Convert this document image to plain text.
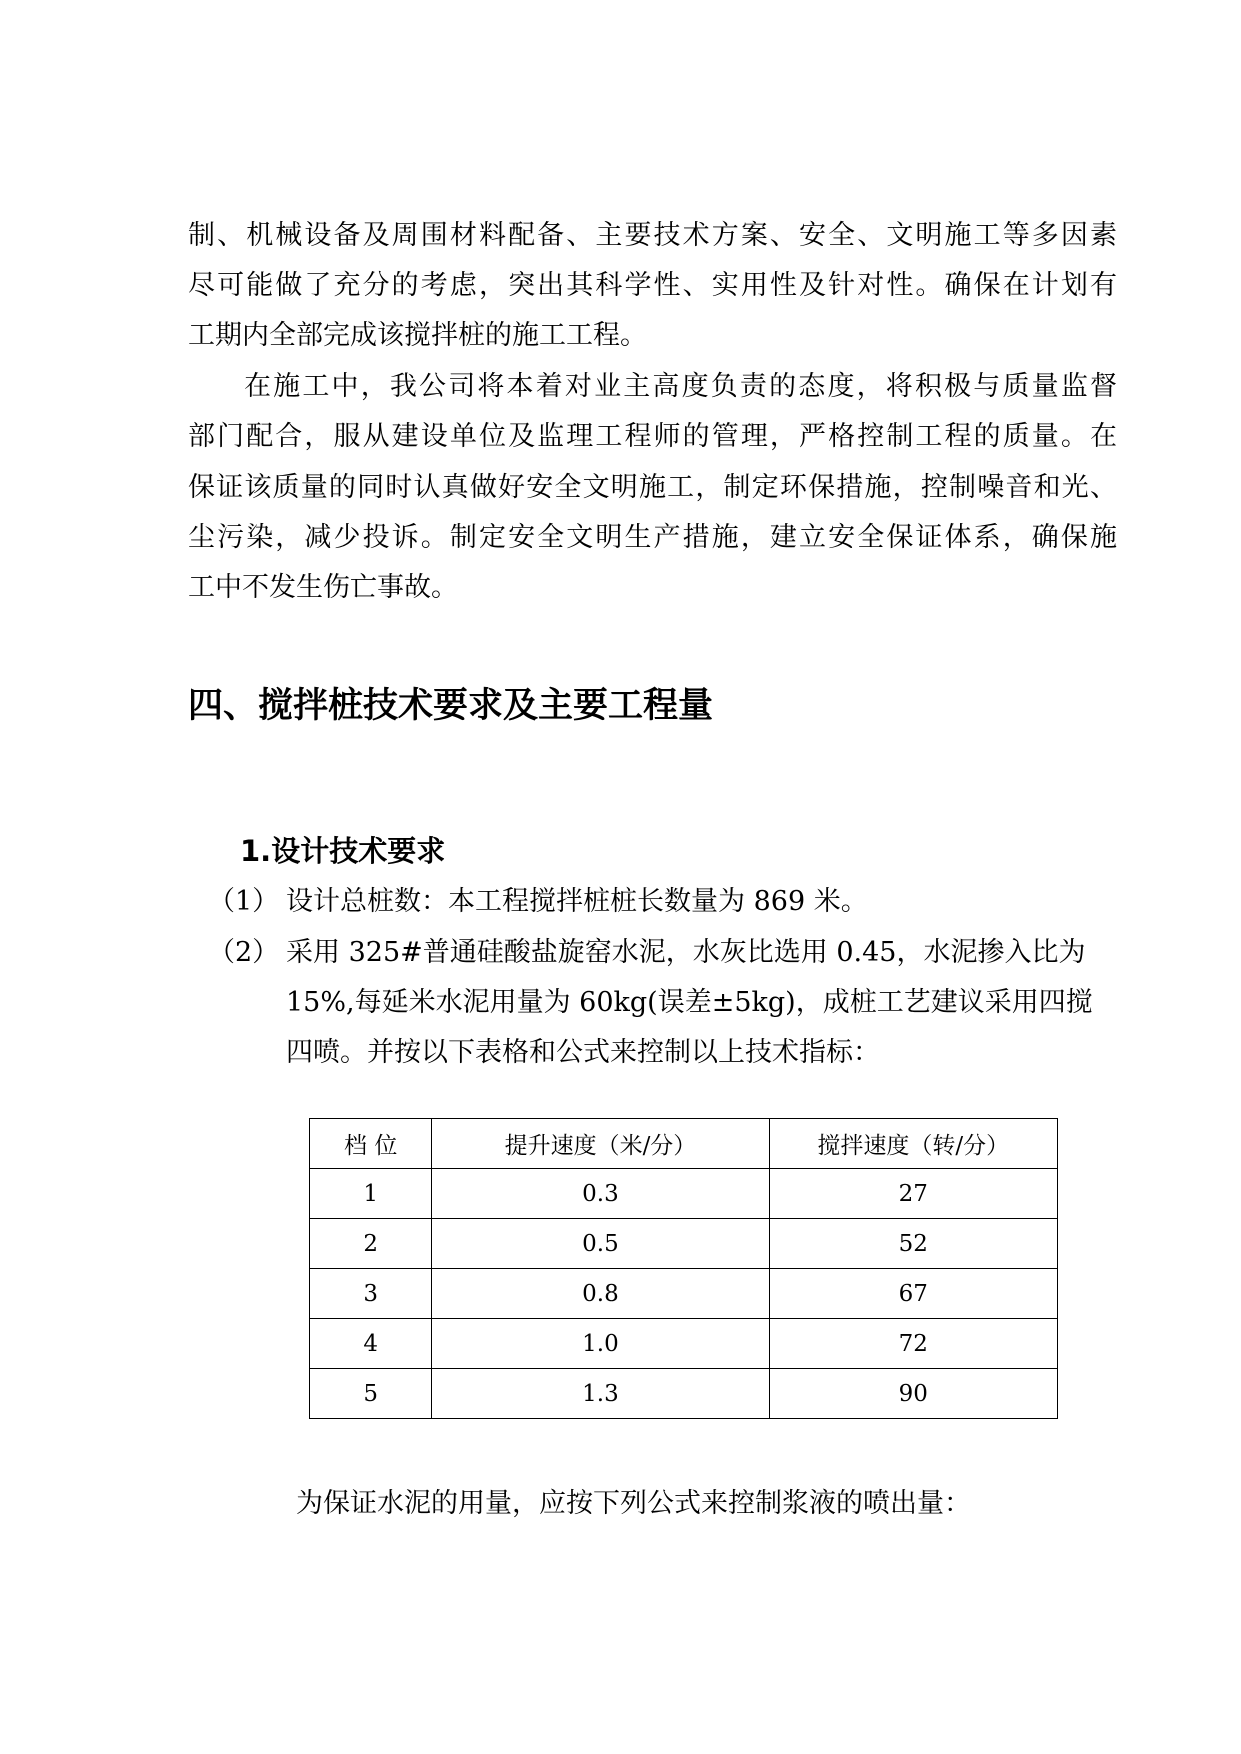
制、机械设备及周围材料配备、主要技术方案、安全、文明施工等多因素
尽可能做了充分的考虑，突出其科学性、实用性及针对性。确保在计划有
工期内全部完成该搅拌桩的施工工程。
在施工中，我公司将本着对业主高度负责的态度，将积极与质量监督
部门配合，服从建设单位及监理工程师的管理，严格控制工程的质量。在
保证该质量的同时认真做好安全文明施工，制定环保措施，控制噪音和光、
尘污染，减少投诉。制定安全文明生产措施，建立安全保证体系，确保施
工中不发生伤亡事故。
四、搅拌桩技术要求及主要工程量
1.设计技术要求
（1） 设计总桩数：本工程搅拌桩桩长数量为 869 米。
（2） 采用 325#普通硅酸盐旋窑水泥，水灰比选用 0.45，水泥掺入比为
15%,每延米水泥用量为 60kg(误差±5kg)，成桩工艺建议采用四搅
四喷。并按以下表格和公式来控制以上技术指标：
档 位	提升速度（米/分）	搅拌速度（转/分）
1	0.3	27
2	0.5	52
3	0.8	67
4	1.0	72
5	1.3	90
为保证水泥的用量，应按下列公式来控制浆液的喷出量：
